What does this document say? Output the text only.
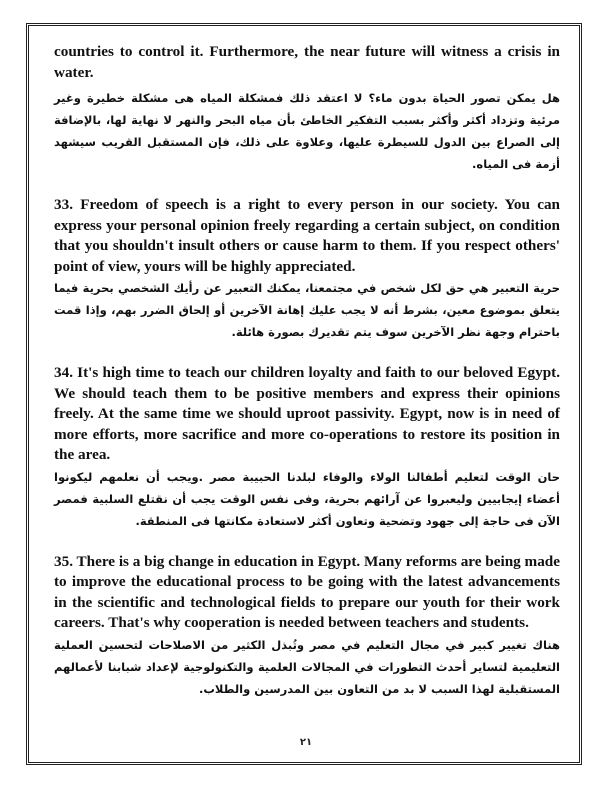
countries to control it. Furthermore, the near future will witness a crisis in water.

هل يمكن تصور الحياة بدون ماء؟ لا اعتقد ذلك فمشكلة المياه هى مشكلة خطيرة وغير مرئية وتزداد أكثر وأكثر بسبب التفكير الخاطئ بأن مياه البحر والنهر لا نهاية لها، بالإضافة إلى الصراع بين الدول للسيطرة عليها، وعلاوة على ذلك، فإن المستقبل القريب سيشهد أزمة فى المياه.

33. Freedom of speech is a right to every person in our society. You can express your personal opinion freely regarding a certain subject, on condition that you shouldn't insult others or cause harm to them. If you respect others' point of view, yours will be highly appreciated.

حرية التعبير هي حق لكل شخص في مجتمعنا، يمكنك التعبير عن رأيك الشخصي بحرية فيما يتعلق بموضوع معين، بشرط أنه لا يجب عليك إهانة الآخرين أو إلحاق الضرر بهم، وإذا قمت باحترام وجهة نظر الآخرين سوف يتم تقديرك بصورة هائلة.

34. It's high time to teach our children loyalty and faith to our beloved Egypt. We should teach them to be positive members and express their opinions freely. At the same time we should uproot passivity. Egypt, now is in need of more efforts, more sacrifice and more co-operations to restore its position in the area.

حان الوقت لتعليم أطفالنا الولاء والوفاء لبلدنا الحبيبة مصر .ويجب أن نعلمهم ليكونوا أعضاء إيجابيين وليعبروا عن آرائهم بحرية، وفى نفس الوقت يجب أن نقتلع السلبية فمصر الآن فى حاجة إلى جهود وتضحية وتعاون أكثر لاستعادة مكانتها فى المنطقة.

35. There is a big change in education in Egypt. Many reforms are being made to improve the educational process to be going with the latest advancements in the scientific and technological fields to prepare our youth for their work careers. That's why cooperation is needed between teachers and students.

هناك تغيير كبير في مجال التعليم في مصر وتُبذل الكثير من الاصلاحات لتحسين العملية التعليمية لتساير أحدث التطورات في المجالات العلمية والتكنولوجية لإعداد شبابنا لأعمالهم المستقبلية لهذا السبب لا بد من التعاون بين المدرسين والطلاب.

٢١
